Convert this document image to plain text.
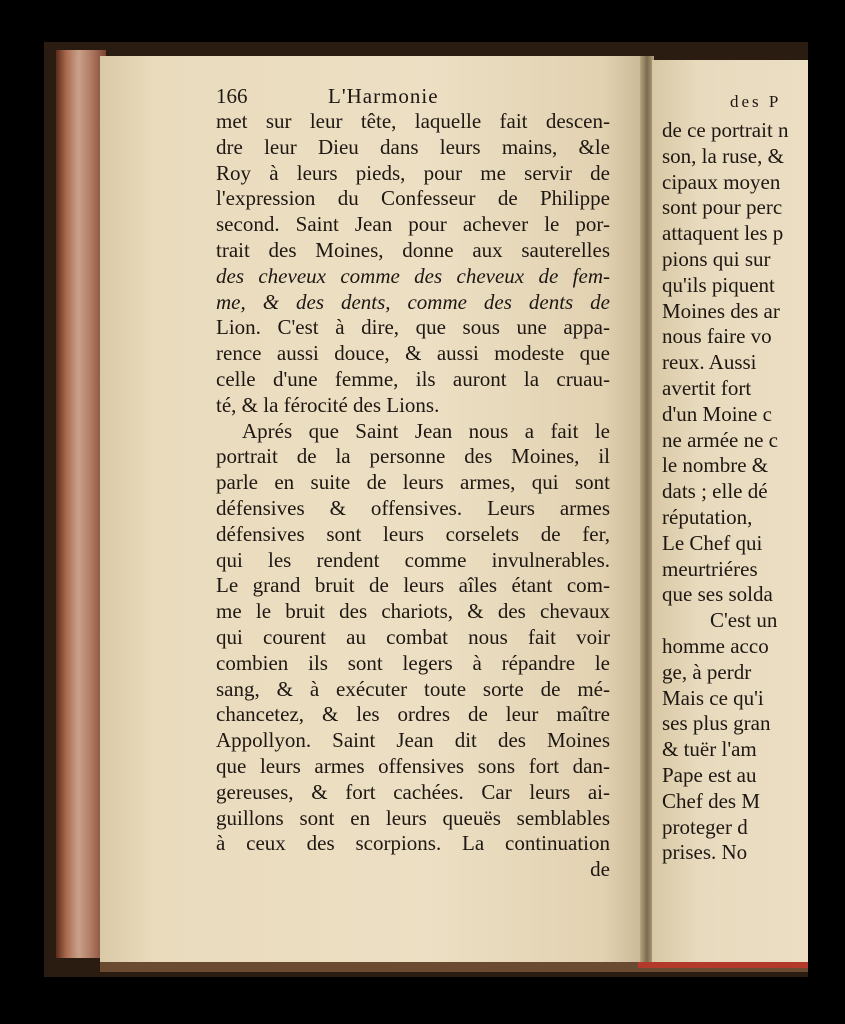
166	L'Harmonie
met sur leur tête, laquelle fait descen-
dre leur Dieu dans leurs mains, &le
Roy à leurs pieds, pour me servir de
l'expression du Confesseur de Philippe
second. Saint Jean pour achever le por-
trait des Moines, donne aux sauterelles
des cheveux comme des cheveux de fem-
me, & des dents, comme des dents de
Lion. C'est à dire, que sous une appa-
rence aussi douce, & aussi modeste que
celle d'une femme, ils auront la cruau-
té, & la férocité des Lions.
Aprés que Saint Jean nous a fait le
portrait de la personne des Moines, il
parle en suite de leurs armes, qui sont
défensives & offensives. Leurs armes
défensives sont leurs corselets de fer,
qui les rendent comme invulnerables.
Le grand bruit de leurs aîles étant com-
me le bruit des chariots, & des chevaux
qui courent au combat nous fait voir
combien ils sont legers à répandre le
sang, & à exécuter toute sorte de mé-
chancetez, & les ordres de leur maître
Appollyon. Saint Jean dit des Moines
que leurs armes offensives sons fort dan-
gereuses, & fort cachées. Car leurs ai-
guillons sont en leurs queuës semblables
à ceux des scorpions. La continuation
de
des P
de ce portrait n
son, la ruse, &
cipaux moyen
sont pour perc
attaquent les p
pions qui sur
qu'ils piquent
Moines des ar
nous faire vo
reux. Aussi
avertit fort
d'un Moine c
ne armée ne c
le nombre &
dats ; elle dé
réputation,
Le Chef qui
meurtriéres
que ses solda
C'est un
homme acco
ge, à perdr
Mais ce qu'i
ses plus gran
& tuër l'am
Pape est au
Chef des M
proteger d
prises. No
